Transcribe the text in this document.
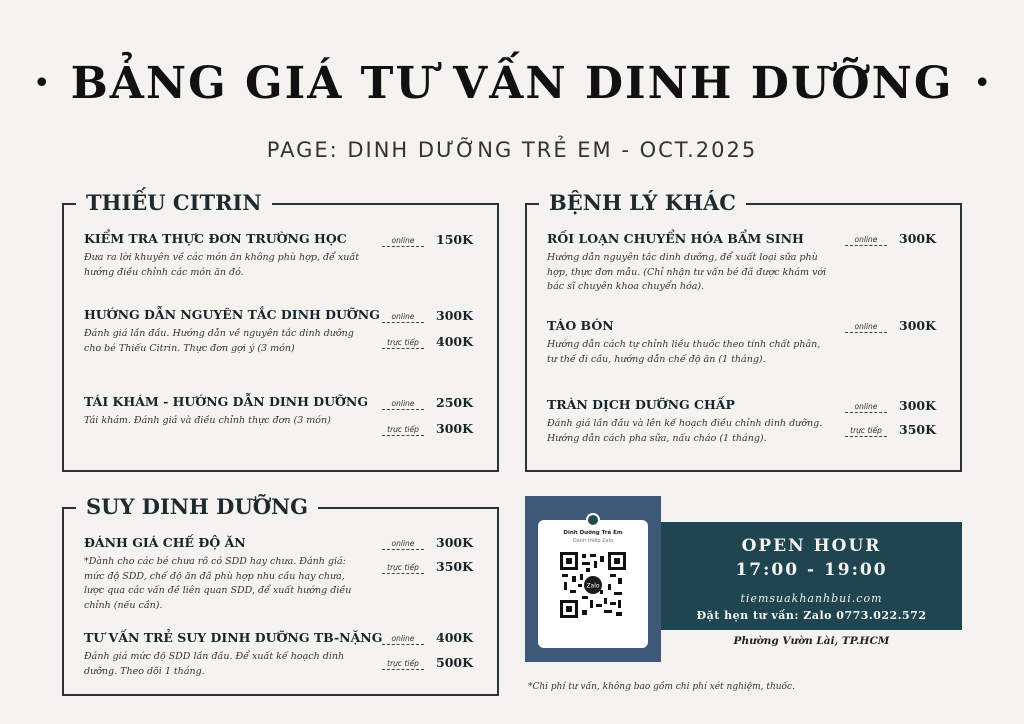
• BẢNG GIÁ TƯ VẤN DINH DƯỠNG •
PAGE: DINH DƯỠNG TRẺ EM - OCT.2025
THIẾU CITRIN
KIỂM TRA THỰC ĐƠN TRƯỜNG HỌC
Đưa ra lời khuyên về các món ăn không phù hợp, để xuất hướng điều chỉnh các món ăn đó.
online	150K
HƯỚNG DẪN NGUYÊN TẮC DINH DƯỠNG
Đánh giá lần đầu. Hướng dẫn về nguyên tắc dinh dưỡng cho bé Thiếu Citrin. Thực đơn gợi ý (3 món)
online	300K
trực tiếp	400K
TÁI KHÁM - HƯỚNG DẪN DINH DƯỠNG
Tái khám. Đánh giá và điều chỉnh thực đơn (3 món)
online	250K
trực tiếp	300K
BỆNH LÝ KHÁC
RỐI LOẠN CHUYỂN HÓA BẨM SINH
Hướng dẫn nguyên tắc dinh dưỡng, để xuất loại sữa phù hợp, thực đơn mẫu. (Chỉ nhận tư vấn bé đã được khám với bác sĩ chuyên khoa chuyển hóa).
online	300K
TÁO BÓN
Hướng dẫn cách tự chỉnh liều thuốc theo tính chất phân, tư thế đi cầu, hướng dẫn chế độ ăn (1 tháng).
online	300K
TRÀN DỊCH DƯỠNG CHẤP
Đánh giá lần đầu và lên kế hoạch điều chỉnh dinh dưỡng. Hướng dẫn cách pha sữa, nấu cháo (1 tháng).
online	300K
trực tiếp	350K
SUY DINH DƯỠNG
ĐÁNH GIÁ CHẾ ĐỘ ĂN
*Dành cho các bé chưa rõ có SDD hay chưa. Đánh giá: mức độ SDD, chế độ ăn đã phù hợp nhu cầu hay chưa, lược qua các vấn đề liên quan SDD, để xuất hướng điều chỉnh (nếu cần).
online	300K
trực tiếp	350K
TƯ VẤN TRẺ SUY DINH DƯỠNG TB-NẶNG
Đánh giá mức độ SDD lần đầu. Để xuất kế hoạch dinh dưỡng. Theo dõi 1 tháng.
online	400K
trực tiếp	500K
Dinh Dưỡng Trẻ Em
Danh thiếp Zalo
Zalo
OPEN HOUR
17:00 - 19:00
tiemsuakhanhbui.com
Đặt hẹn tư vấn: Zalo 0773.022.572
Phường Vườn Lài, TP.HCM
*Chi phí tư vấn, không bao gồm chi phí xét nghiệm, thuốc.
